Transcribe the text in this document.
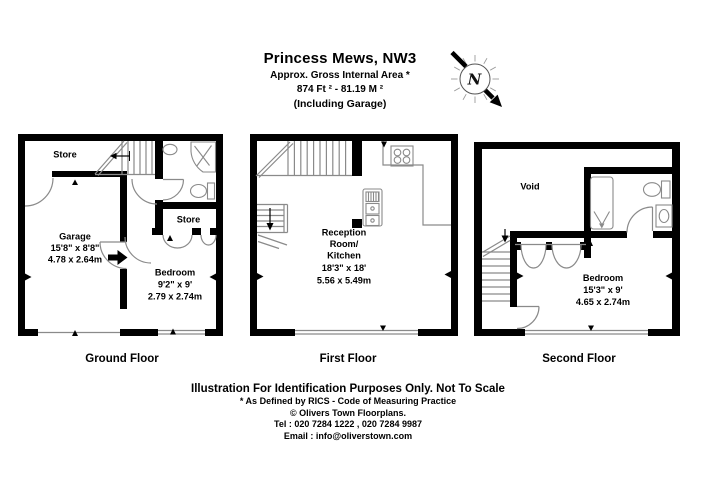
Princess Mews, NW3
Approx. Gross Internal Area *
874 Ft ² - 81.19 M ²
(Including Garage)
N
Store
Store
Garage
15'8" x 8'8"
4.78 x 2.64m
Bedroom
9'2" x 9'
2.79 x 2.74m
Reception
Room/
Kitchen
18'3" x 18'
5.56 x 5.49m
Void
Bedroom
15'3" x 9'
4.65 x 2.74m
Ground Floor	First Floor	Second Floor
Illustration For Identification Purposes Only. Not To Scale
* As Defined by RICS - Code of Measuring Practice
© Olivers Town Floorplans.
Tel : 020 7284 1222 , 020 7284 9987
Email : info@oliverstown.com
